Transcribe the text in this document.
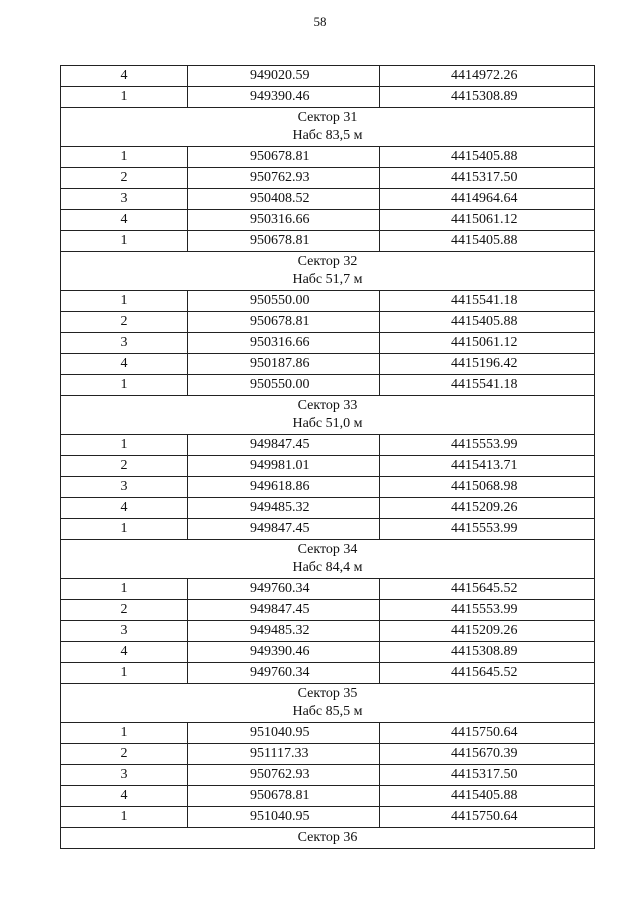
58
4	949020.59	4414972.26
1	949390.46	4415308.89

Сектор 31
Набс 83,5 м		

1	950678.81	4415405.88
2	950762.93	4415317.50
3	950408.52	4414964.64
4	950316.66	4415061.12
1	950678.81	4415405.88

Сектор 32
Набс 51,7 м		

1	950550.00	4415541.18
2	950678.81	4415405.88
3	950316.66	4415061.12
4	950187.86	4415196.42
1	950550.00	4415541.18

Сектор 33
Набс 51,0 м		

1	949847.45	4415553.99
2	949981.01	4415413.71
3	949618.86	4415068.98
4	949485.32	4415209.26
1	949847.45	4415553.99

Сектор 34
Набс 84,4 м		

1	949760.34	4415645.52
2	949847.45	4415553.99
3	949485.32	4415209.26
4	949390.46	4415308.89
1	949760.34	4415645.52

Сектор 35
Набс 85,5 м		

1	951040.95	4415750.64
2	951117.33	4415670.39
3	950762.93	4415317.50
4	950678.81	4415405.88
1	951040.95	4415750.64

Сектор 36		
